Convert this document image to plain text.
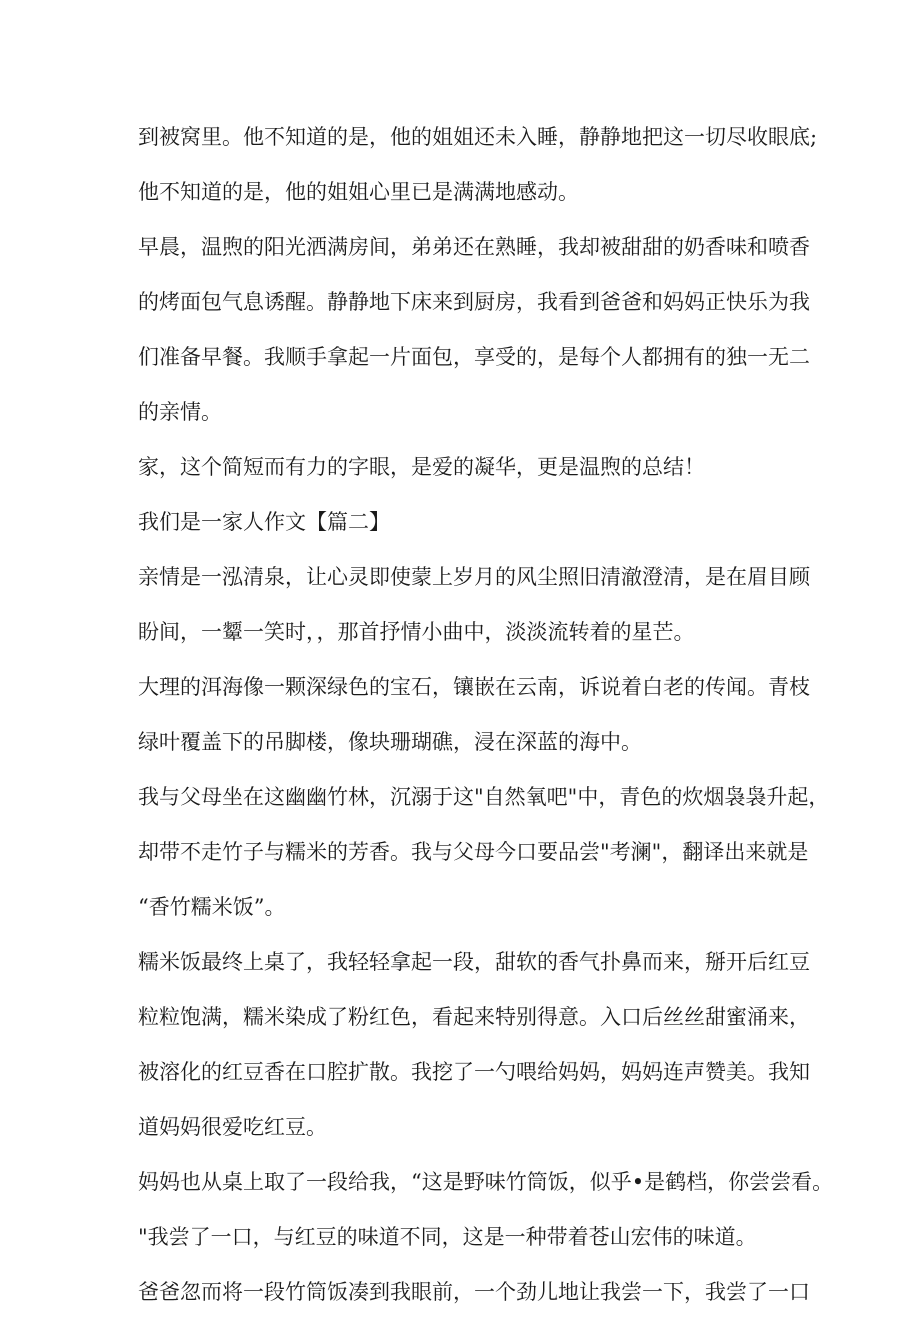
到被窝里。他不知道的是，他的姐姐还未入睡，静静地把这一切尽收眼底;
他不知道的是，他的姐姐心里已是满满地感动。
早晨，温煦的阳光洒满房间，弟弟还在熟睡，我却被甜甜的奶香味和喷香
的烤面包气息诱醒。静静地下床来到厨房，我看到爸爸和妈妈正快乐为我
们准备早餐。我顺手拿起一片面包，享受的，是每个人都拥有的独一无二
的亲情。
家，这个简短而有力的字眼，是爱的凝华，更是温煦的总结！
我们是一家人作文【篇二】
亲情是一泓清泉，让心灵即使蒙上岁月的风尘照旧清澈澄清，是在眉目顾
盼间，一颦一笑时，，那首抒情小曲中，淡淡流转着的星芒。
大理的洱海像一颗深绿色的宝石，镶嵌在云南，诉说着白老的传闻。青枝
绿叶覆盖下的吊脚楼，像块珊瑚礁，浸在深蓝的海中。
我与父母坐在这幽幽竹林，沉溺于这"自然氧吧"中，青色的炊烟袅袅升起，
却带不走竹子与糯米的芳香。我与父母今口要品尝"考澜"，翻译出来就是
“香竹糯米饭”。
糯米饭最终上桌了，我轻轻拿起一段，甜软的香气扑鼻而来，掰开后红豆
粒粒饱满，糯米染成了粉红色，看起来特别得意。入口后丝丝甜蜜涌来，
被溶化的红豆香在口腔扩散。我挖了一勺喂给妈妈，妈妈连声赞美。我知
道妈妈很爱吃红豆。
妈妈也从桌上取了一段给我，“这是野味竹筒饭，似乎•是鹤档，你尝尝看。
"我尝了一口，与红豆的味道不同，这是一种带着苍山宏伟的味道。
爸爸忽而将一段竹筒饭凑到我眼前，一个劲儿地让我尝一下，我尝了一口
